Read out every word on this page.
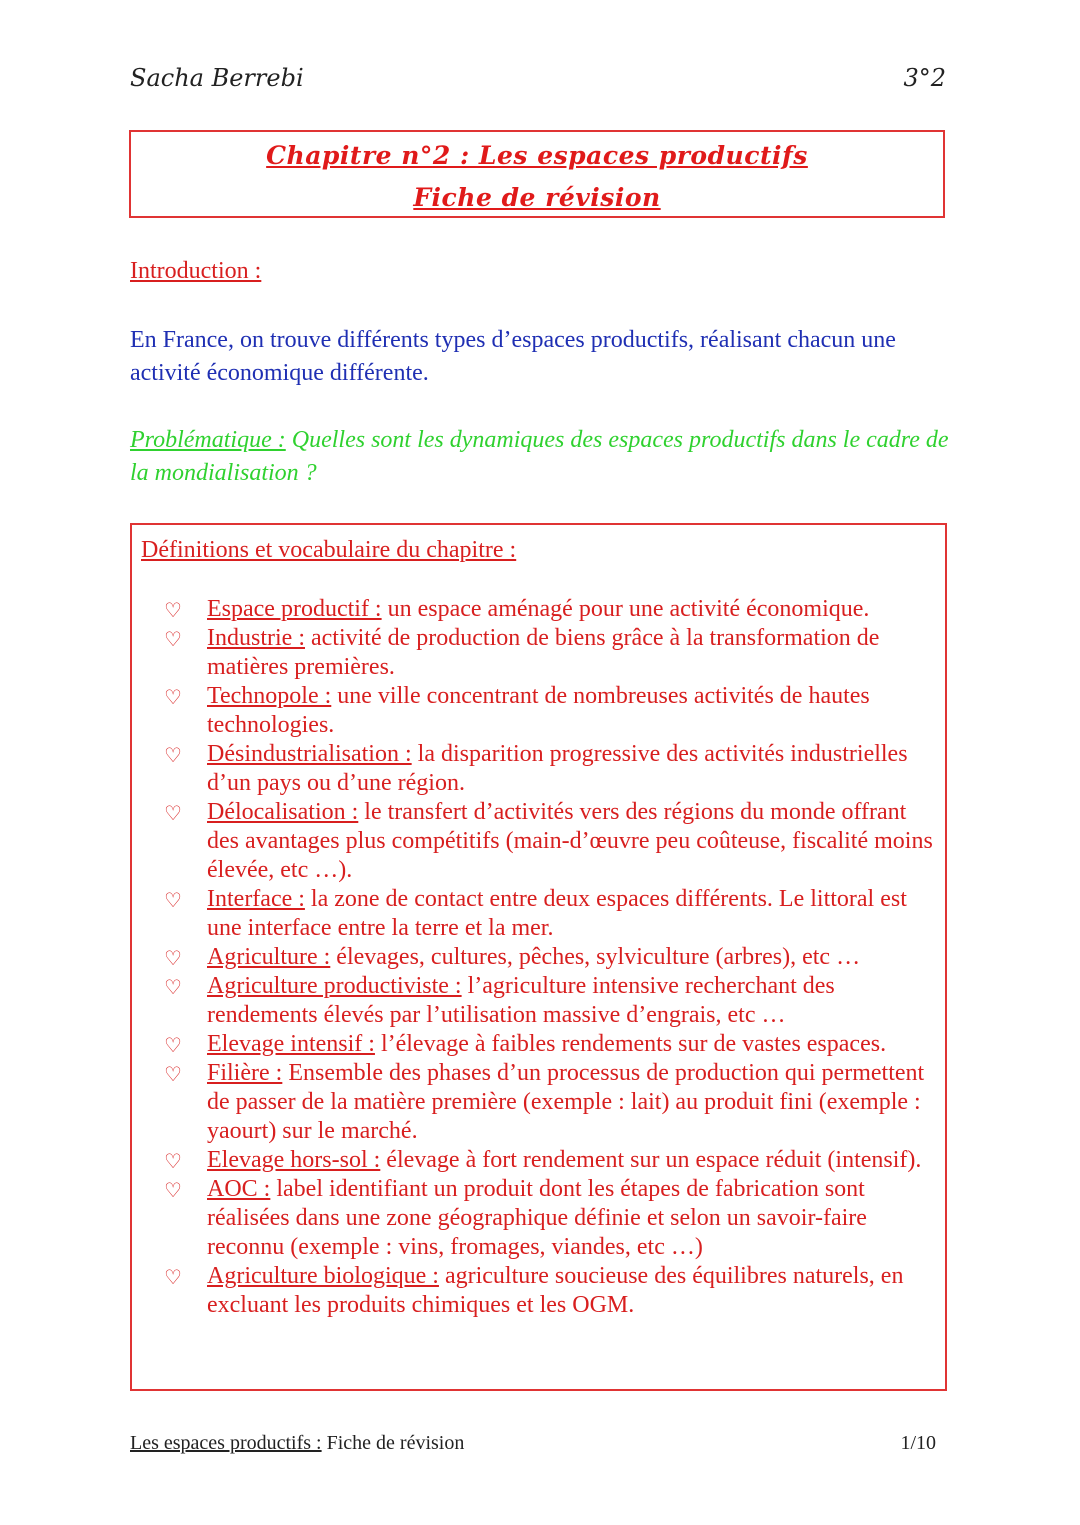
Sacha Berrebi	3°2
Chapitre n°2 : Les espaces productifs
Fiche de révision
Introduction :
En France, on trouve différents types d’espaces productifs, réalisant chacun une activité économique différente.
Problématique : Quelles sont les dynamiques des espaces productifs dans le cadre de la mondialisation ?
Définitions et vocabulaire du chapitre :
♡ Espace productif : un espace aménagé pour une activité économique.
♡ Industrie : activité de production de biens grâce à la transformation de matières premières.
♡ Technopole : une ville concentrant de nombreuses activités de hautes technologies.
♡ Désindustrialisation : la disparition progressive des activités industrielles d’un pays ou d’une région.
♡ Délocalisation : le transfert d’activités vers des régions du monde offrant des avantages plus compétitifs (main-d’œuvre peu coûteuse, fiscalité moins élevée, etc …).
♡ Interface : la zone de contact entre deux espaces différents. Le littoral est une interface entre la terre et la mer.
♡ Agriculture : élevages, cultures, pêches, sylviculture (arbres), etc …
♡ Agriculture productiviste : l’agriculture intensive recherchant des rendements élevés par l’utilisation massive d’engrais, etc …
♡ Elevage intensif : l’élevage à faibles rendements sur de vastes espaces.
♡ Filière : Ensemble des phases d’un processus de production qui permettent de passer de la matière première (exemple : lait) au produit fini (exemple : yaourt) sur le marché.
♡ Elevage hors-sol : élevage à fort rendement sur un espace réduit (intensif).
♡ AOC : label identifiant un produit dont les étapes de fabrication sont réalisées dans une zone géographique définie et selon un savoir-faire reconnu (exemple : vins, fromages, viandes, etc …)
♡ Agriculture biologique : agriculture soucieuse des équilibres naturels, en excluant les produits chimiques et les OGM.
Les espaces productifs : Fiche de révision	1/10
